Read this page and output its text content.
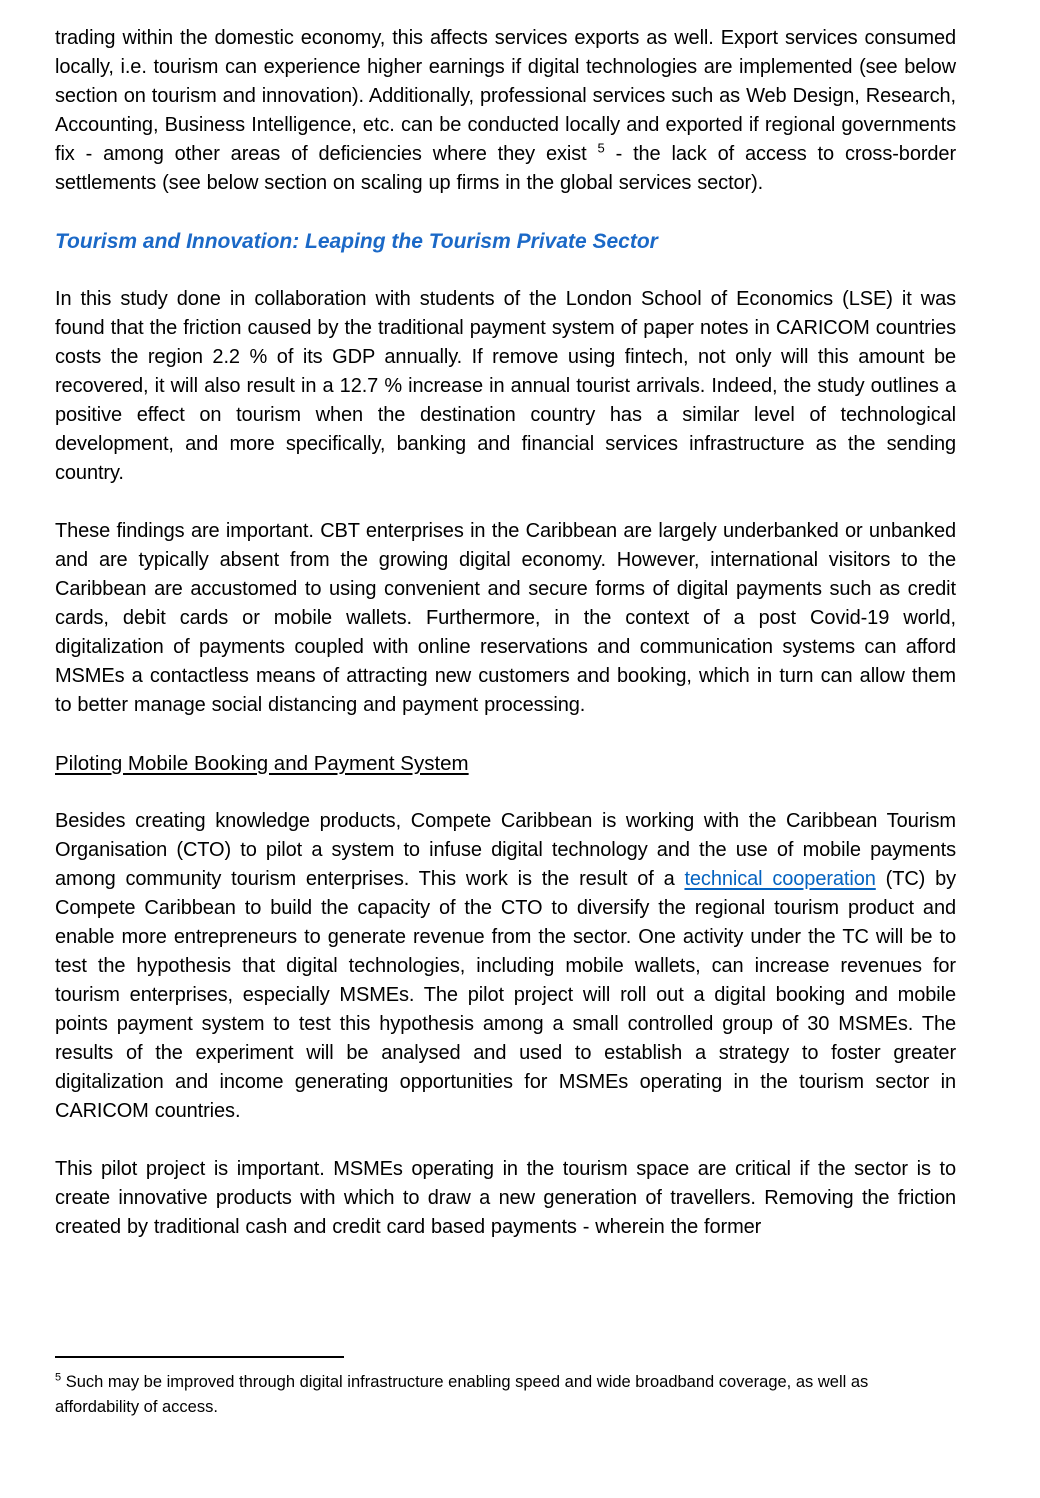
trading within the domestic economy, this affects services exports as well. Export services consumed locally, i.e. tourism can experience higher earnings if digital technologies are implemented (see below section on tourism and innovation). Additionally, professional services such as Web Design, Research, Accounting, Business Intelligence, etc. can be conducted locally and exported if regional governments fix - among other areas of deficiencies where they exist $^5$ - the lack of access to cross-border settlements (see below section on scaling up firms in the global services sector).

Tourism and Innovation: Leaping the Tourism Private Sector

In this study done in collaboration with students of the London School of Economics (LSE) it was found that the friction caused by the traditional payment system of paper notes in CARICOM countries costs the region 2.2 % of its GDP annually. If remove using fintech, not only will this amount be recovered, it will also result in a 12.7 % increase in annual tourist arrivals. Indeed, the study outlines a positive effect on tourism when the destination country has a similar level of technological development, and more specifically, banking and financial services infrastructure as the sending country.

These findings are important. CBT enterprises in the Caribbean are largely underbanked or unbanked and are typically absent from the growing digital economy. However, international visitors to the Caribbean are accustomed to using convenient and secure forms of digital payments such as credit cards, debit cards or mobile wallets. Furthermore, in the context of a post Covid-19 world, digitalization of payments coupled with online reservations and communication systems can afford MSMEs a contactless means of attracting new customers and booking, which in turn can allow them to better manage social distancing and payment processing.

Piloting Mobile Booking and Payment System

Besides creating knowledge products, Compete Caribbean is working with the Caribbean Tourism Organisation (CTO) to pilot a system to infuse digital technology and the use of mobile payments among community tourism enterprises. This work is the result of a technical cooperation (TC) by Compete Caribbean to build the capacity of the CTO to diversify the regional tourism product and enable more entrepreneurs to generate revenue from the sector. One activity under the TC will be to test the hypothesis that digital technologies, including mobile wallets, can increase revenues for tourism enterprises, especially MSMEs. The pilot project will roll out a digital booking and mobile points payment system to test this hypothesis among a small controlled group of 30 MSMEs. The results of the experiment will be analysed and used to establish a strategy to foster greater digitalization and income generating opportunities for MSMEs operating in the tourism sector in CARICOM countries.

This pilot project is important. MSMEs operating in the tourism space are critical if the sector is to create innovative products with which to draw a new generation of travellers. Removing the friction created by traditional cash and credit card based payments - wherein the former

$^5$ Such may be improved through digital infrastructure enabling speed and wide broadband coverage, as well as affordability of access.
